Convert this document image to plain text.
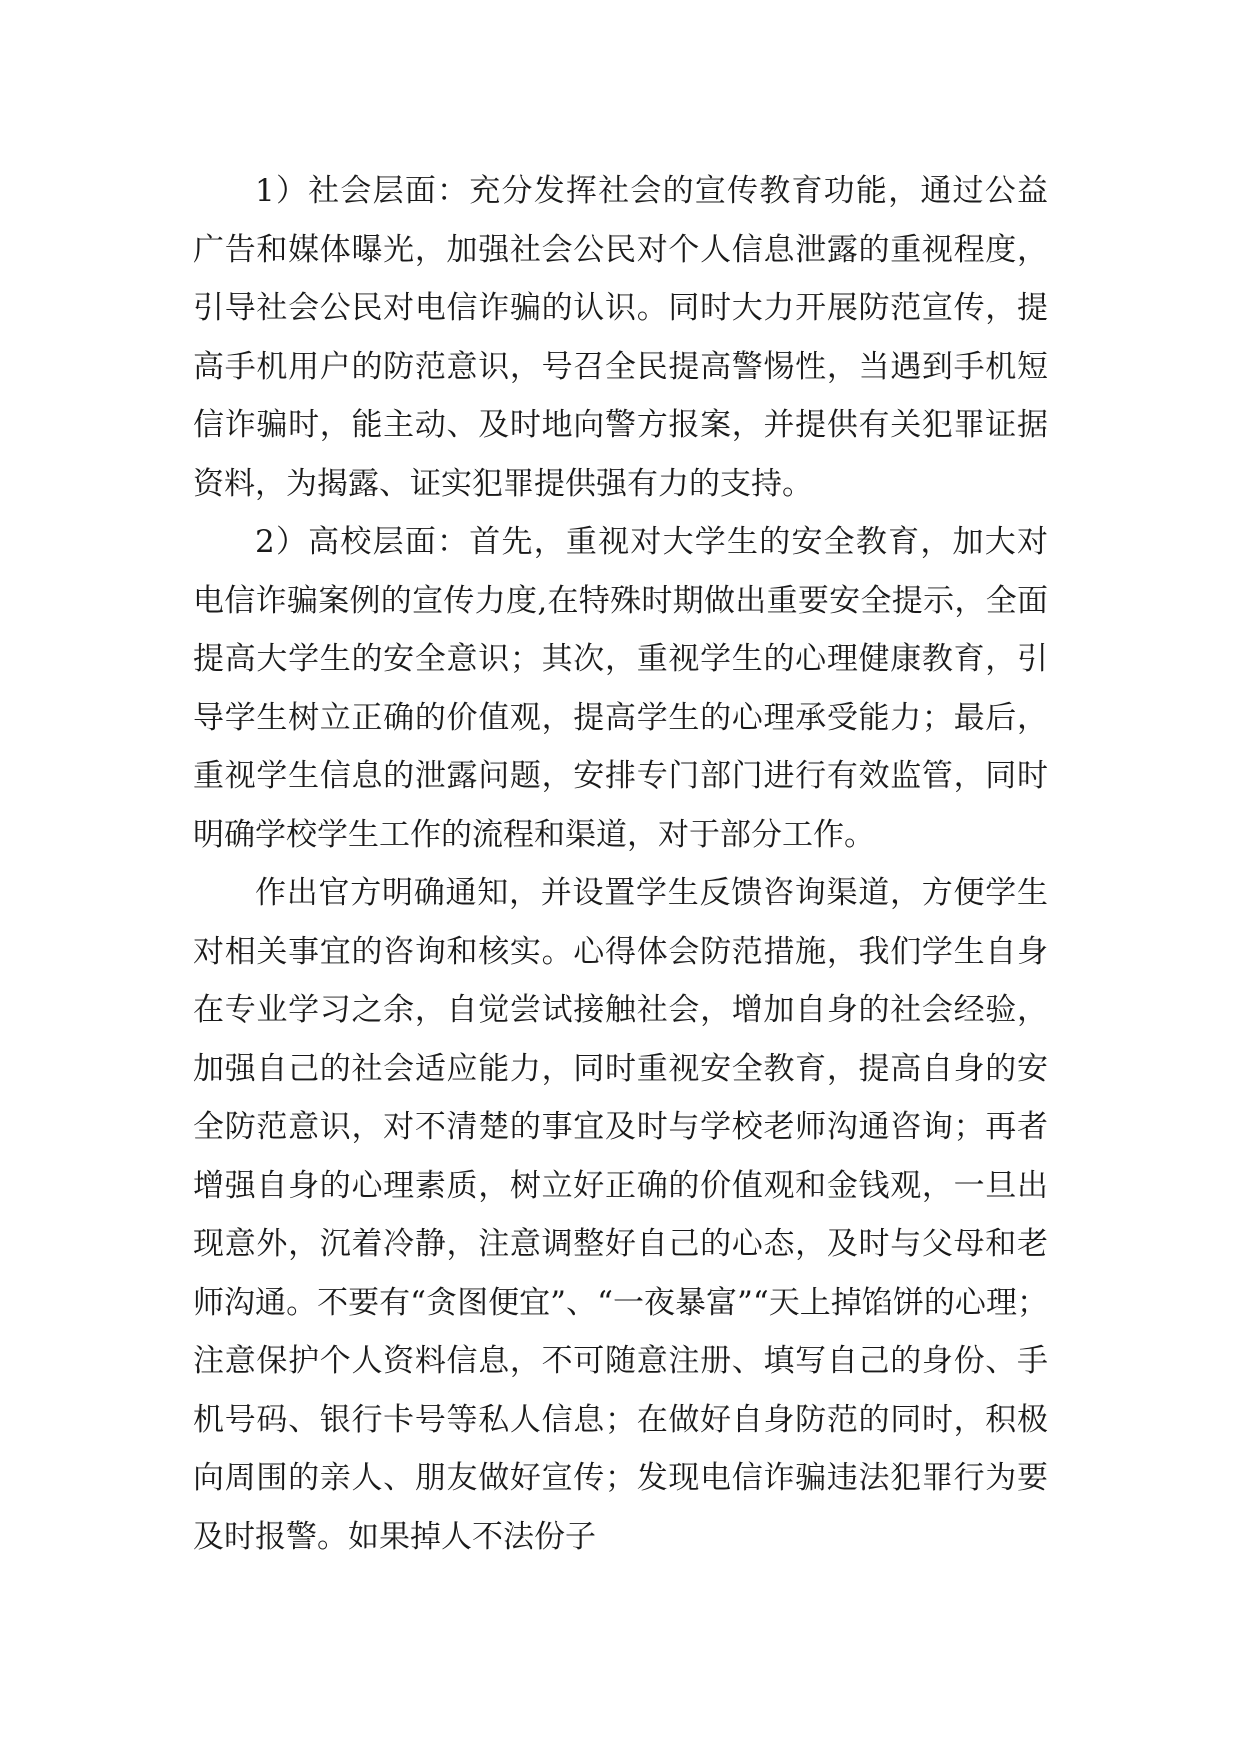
1）社会层面：充分发挥社会的宣传教育功能，通过公益广告和媒体曝光，加强社会公民对个人信息泄露的重视程度，引导社会公民对电信诈骗的认识。同时大力开展防范宣传，提高手机用户的防范意识，号召全民提高警惕性，当遇到手机短信诈骗时，能主动、及时地向警方报案，并提供有关犯罪证据资料，为揭露、证实犯罪提供强有力的支持。

2）高校层面：首先，重视对大学生的安全教育，加大对电信诈骗案例的宣传力度,在特殊时期做出重要安全提示，全面提高大学生的安全意识；其次，重视学生的心理健康教育，引导学生树立正确的价值观，提高学生的心理承受能力；最后，重视学生信息的泄露问题，安排专门部门进行有效监管，同时明确学校学生工作的流程和渠道，对于部分工作。

作出官方明确通知，并设置学生反馈咨询渠道，方便学生对相关事宜的咨询和核实。心得体会防范措施，我们学生自身在专业学习之余，自觉尝试接触社会，增加自身的社会经验，加强自己的社会适应能力，同时重视安全教育，提高自身的安全防范意识，对不清楚的事宜及时与学校老师沟通咨询；再者增强自身的心理素质，树立好正确的价值观和金钱观，一旦出现意外，沉着冷静，注意调整好自己的心态，及时与父母和老师沟通。不要有“贪图便宜”、“一夜暴富”“天上掉馅饼的心理；注意保护个人资料信息，不可随意注册、填写自己的身份、手机号码、银行卡号等私人信息；在做好自身防范的同时，积极向周围的亲人、朋友做好宣传；发现电信诈骗违法犯罪行为要及时报警。如果掉人不法份子
